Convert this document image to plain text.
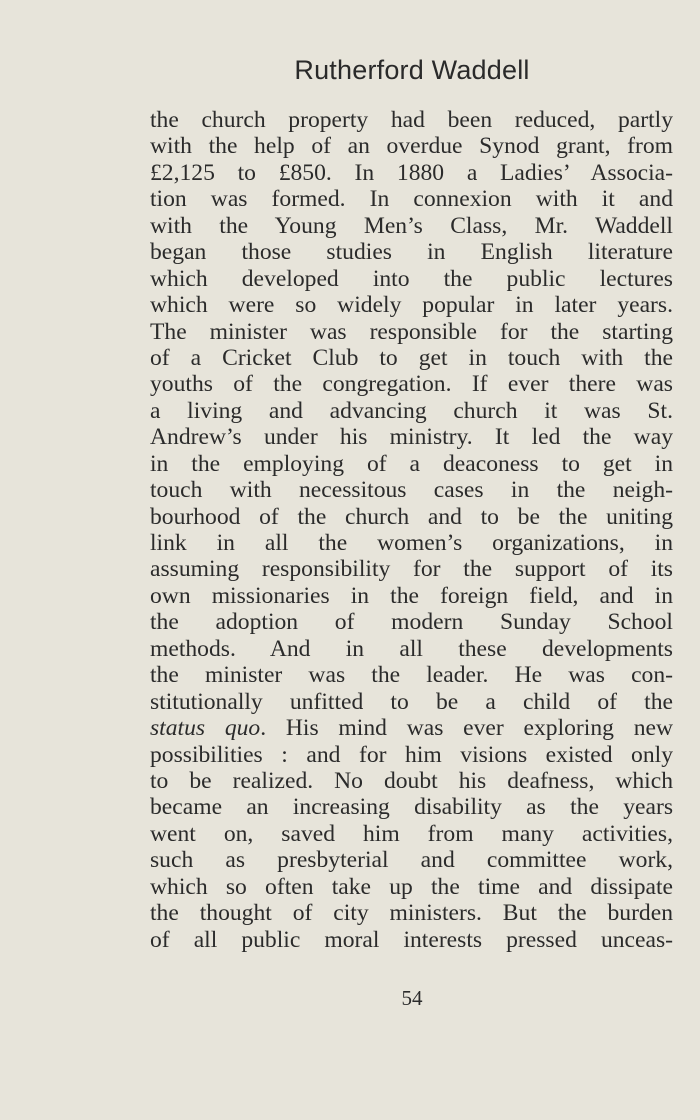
Rutherford Waddell
the church property had been reduced, partly
with the help of an overdue Synod grant, from
£2,125 to £850. In 1880 a Ladies’ Associa-
tion was formed. In connexion with it and
with the Young Men’s Class, Mr. Waddell
began those studies in English literature
which developed into the public lectures
which were so widely popular in later years.
The minister was responsible for the starting
of a Cricket Club to get in touch with the
youths of the congregation. If ever there was
a living and advancing church it was St.
Andrew’s under his ministry. It led the way
in the employing of a deaconess to get in
touch with necessitous cases in the neigh-
bourhood of the church and to be the uniting
link in all the women’s organizations, in
assuming responsibility for the support of its
own missionaries in the foreign field, and in
the adoption of modern Sunday School
methods. And in all these developments
the minister was the leader. He was con-
stitutionally unfitted to be a child of the
status quo. His mind was ever exploring new
possibilities : and for him visions existed only
to be realized. No doubt his deafness, which
became an increasing disability as the years
went on, saved him from many activities,
such as presbyterial and committee work,
which so often take up the time and dissipate
the thought of city ministers. But the burden
of all public moral interests pressed unceas-
54
